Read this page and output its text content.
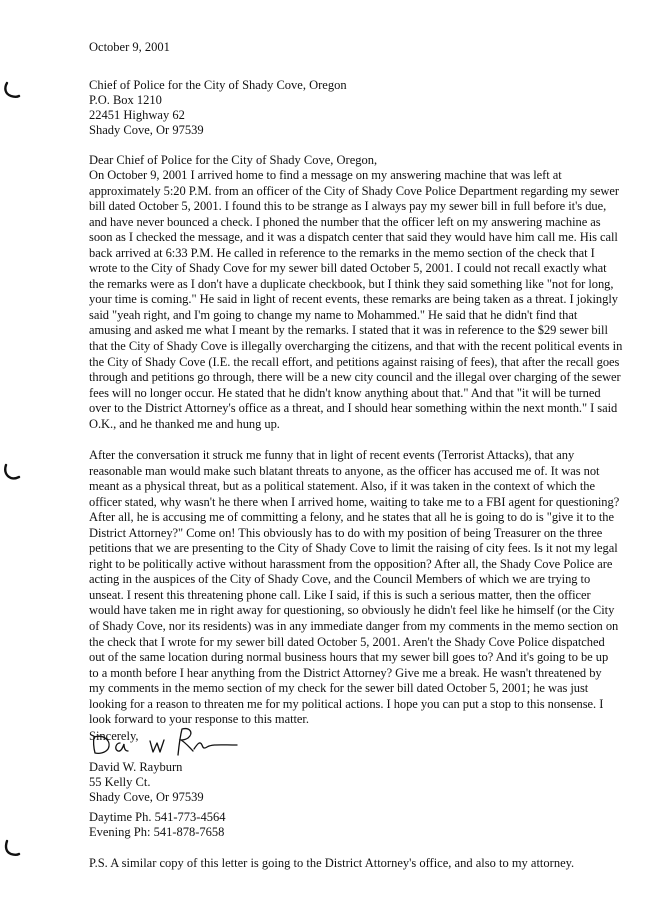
October 9, 2001
Chief of Police for the City of Shady Cove, Oregon
P.O. Box 1210
22451 Highway 62
Shady Cove, Or 97539
Dear Chief of Police for the City of Shady Cove, Oregon,
On October 9, 2001 I arrived home to find a message on my answering machine that was left at
approximately 5:20 P.M. from an officer of the City of Shady Cove Police Department regarding my sewer
bill dated October 5, 2001. I found this to be strange as I always pay my sewer bill in full before it's due,
and have never bounced a check. I phoned the number that the officer left on my answering machine as
soon as I checked the message, and it was a dispatch center that said they would have him call me. His call
back arrived at 6:33 P.M. He called in reference to the remarks in the memo section of the check that I
wrote to the City of Shady Cove for my sewer bill dated October 5, 2001. I could not recall exactly what
the remarks were as I don't have a duplicate checkbook, but I think they said something like "not for long,
your time is coming." He said in light of recent events, these remarks are being taken as a threat. I jokingly
said "yeah right, and I'm going to change my name to Mohammed." He said that he didn't find that
amusing and asked me what I meant by the remarks. I stated that it was in reference to the $29 sewer bill
that the City of Shady Cove is illegally overcharging the citizens, and that with the recent political events in
the City of Shady Cove (I.E. the recall effort, and petitions against raising of fees), that after the recall goes
through and petitions go through, there will be a new city council and the illegal over charging of the sewer
fees will no longer occur. He stated that he didn't know anything about that." And that "it will be turned
over to the District Attorney's office as a threat, and I should hear something within the next month." I said
O.K., and he thanked me and hung up.
After the conversation it struck me funny that in light of recent events (Terrorist Attacks), that any
reasonable man would make such blatant threats to anyone, as the officer has accused me of. It was not
meant as a physical threat, but as a political statement. Also, if it was taken in the context of which the
officer stated, why wasn't he there when I arrived home, waiting to take me to a FBI agent for questioning?
After all, he is accusing me of committing a felony, and he states that all he is going to do is "give it to the
District Attorney?" Come on! This obviously has to do with my position of being Treasurer on the three
petitions that we are presenting to the City of Shady Cove to limit the raising of city fees. Is it not my legal
right to be politically active without harassment from the opposition? After all, the Shady Cove Police are
acting in the auspices of the City of Shady Cove, and the Council Members of which we are trying to
unseat. I resent this threatening phone call. Like I said, if this is such a serious matter, then the officer
would have taken me in right away for questioning, so obviously he didn't feel like he himself (or the City
of Shady Cove, nor its residents) was in any immediate danger from my comments in the memo section on
the check that I wrote for my sewer bill dated October 5, 2001. Aren't the Shady Cove Police dispatched
out of the same location during normal business hours that my sewer bill goes to? And it's going to be up
to a month before I hear anything from the District Attorney? Give me a break. He wasn't threatened by
my comments in the memo section of my check for the sewer bill dated October 5, 2001; he was just
looking for a reason to threaten me for my political actions. I hope you can put a stop to this nonsense. I
look forward to your response to this matter.
Sincerely,
David W. Rayburn
55 Kelly Ct.
Shady Cove, Or 97539
Daytime Ph. 541-773-4564
Evening Ph: 541-878-7658
P.S. A similar copy of this letter is going to the District Attorney's office, and also to my attorney.
